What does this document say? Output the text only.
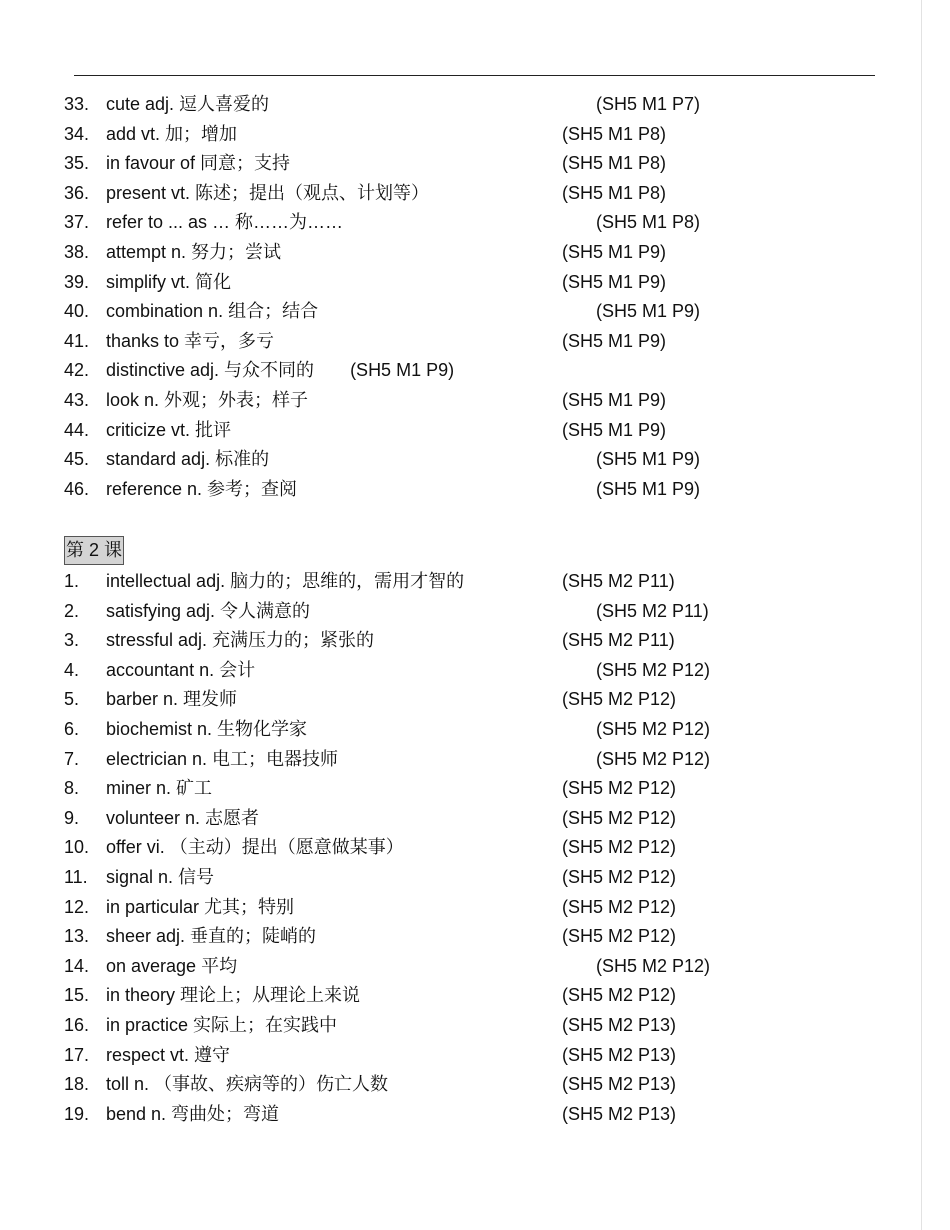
33. cute adj. 逗人喜爱的	(SH5 M1 P7)
34. add vt. 加；增加	(SH5 M1 P8)
35. in favour of 同意；支持	(SH5 M1 P8)
36. present vt. 陈述；提出（观点、计划等）	(SH5 M1 P8)
37. refer to ... as … 称……为……	(SH5 M1 P8)
38. attempt n. 努力；尝试	(SH5 M1 P9)
39. simplify vt. 简化	(SH5 M1 P9)
40. combination n. 组合；结合	(SH5 M1 P9)
41. thanks to 幸亏，多亏	(SH5 M1 P9)
42. distinctive adj. 与众不同的 (SH5 M1 P9)
43. look n. 外观；外表；样子	(SH5 M1 P9)
44. criticize vt. 批评	(SH5 M1 P9)
45. standard adj. 标准的	(SH5 M1 P9)
46. reference n. 参考；查阅	(SH5 M1 P9)
第 2 课
1. intellectual adj. 脑力的；思维的，需用才智的	(SH5 M2 P11)
2. satisfying adj. 令人满意的	(SH5 M2 P11)
3. stressful adj. 充满压力的；紧张的	(SH5 M2 P11)
4. accountant n. 会计	(SH5 M2 P12)
5. barber n. 理发师	(SH5 M2 P12)
6. biochemist n. 生物化学家	(SH5 M2 P12)
7. electrician n. 电工；电器技师	(SH5 M2 P12)
8. miner n. 矿工	(SH5 M2 P12)
9. volunteer n. 志愿者	(SH5 M2 P12)
10. offer vi. （主动）提出（愿意做某事）	(SH5 M2 P12)
11. signal n. 信号	(SH5 M2 P12)
12. in particular 尤其；特别	(SH5 M2 P12)
13. sheer adj. 垂直的；陡峭的	(SH5 M2 P12)
14. on average 平均	(SH5 M2 P12)
15. in theory 理论上；从理论上来说	(SH5 M2 P12)
16. in practice 实际上；在实践中	(SH5 M2 P13)
17. respect vt. 遵守	(SH5 M2 P13)
18. toll n. （事故、疾病等的）伤亡人数	(SH5 M2 P13)
19. bend n. 弯曲处；弯道	(SH5 M2 P13)
